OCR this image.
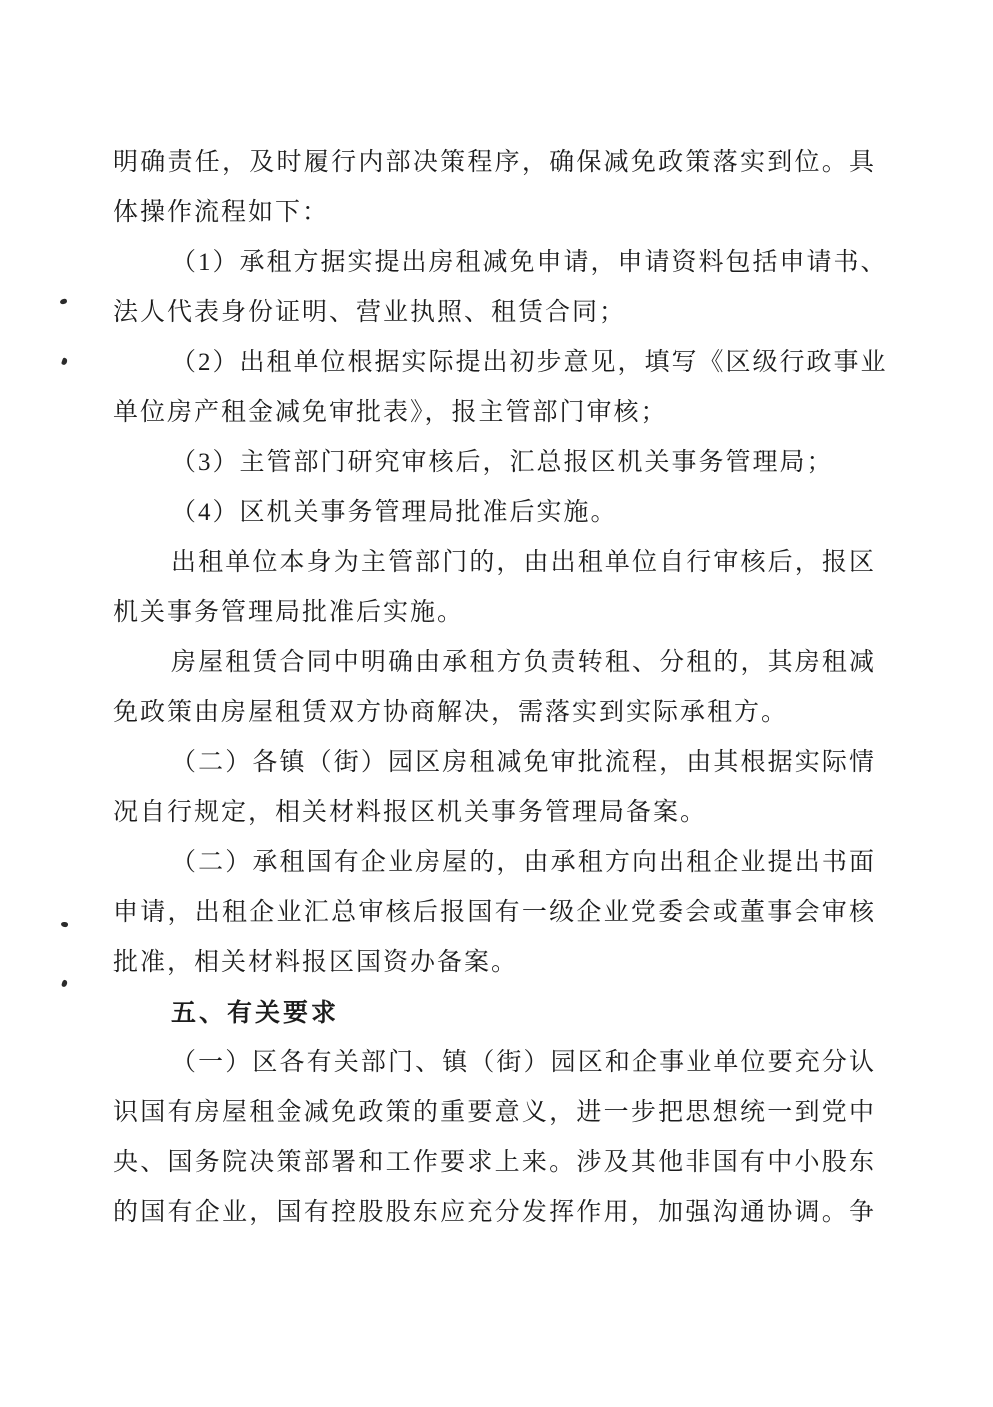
明确责任，及时履行内部决策程序，确保减免政策落实到位。具
体操作流程如下：
（1）承租方据实提出房租减免申请，申请资料包括申请书、
法人代表身份证明、营业执照、租赁合同；
（2）出租单位根据实际提出初步意见，填写《区级行政事业
单位房产租金减免审批表》，报主管部门审核；
（3）主管部门研究审核后，汇总报区机关事务管理局；
（4）区机关事务管理局批准后实施。
出租单位本身为主管部门的，由出租单位自行审核后，报区
机关事务管理局批准后实施。
房屋租赁合同中明确由承租方负责转租、分租的，其房租减
免政策由房屋租赁双方协商解决，需落实到实际承租方。
（二）各镇（街）园区房租减免审批流程，由其根据实际情
况自行规定，相关材料报区机关事务管理局备案。
（二）承租国有企业房屋的，由承租方向出租企业提出书面
申请，出租企业汇总审核后报国有一级企业党委会或董事会审核
批准，相关材料报区国资办备案。
五、有关要求
（一）区各有关部门、镇（街）园区和企事业单位要充分认
识国有房屋租金减免政策的重要意义，进一步把思想统一到党中
央、国务院决策部署和工作要求上来。涉及其他非国有中小股东
的国有企业，国有控股股东应充分发挥作用，加强沟通协调。争
